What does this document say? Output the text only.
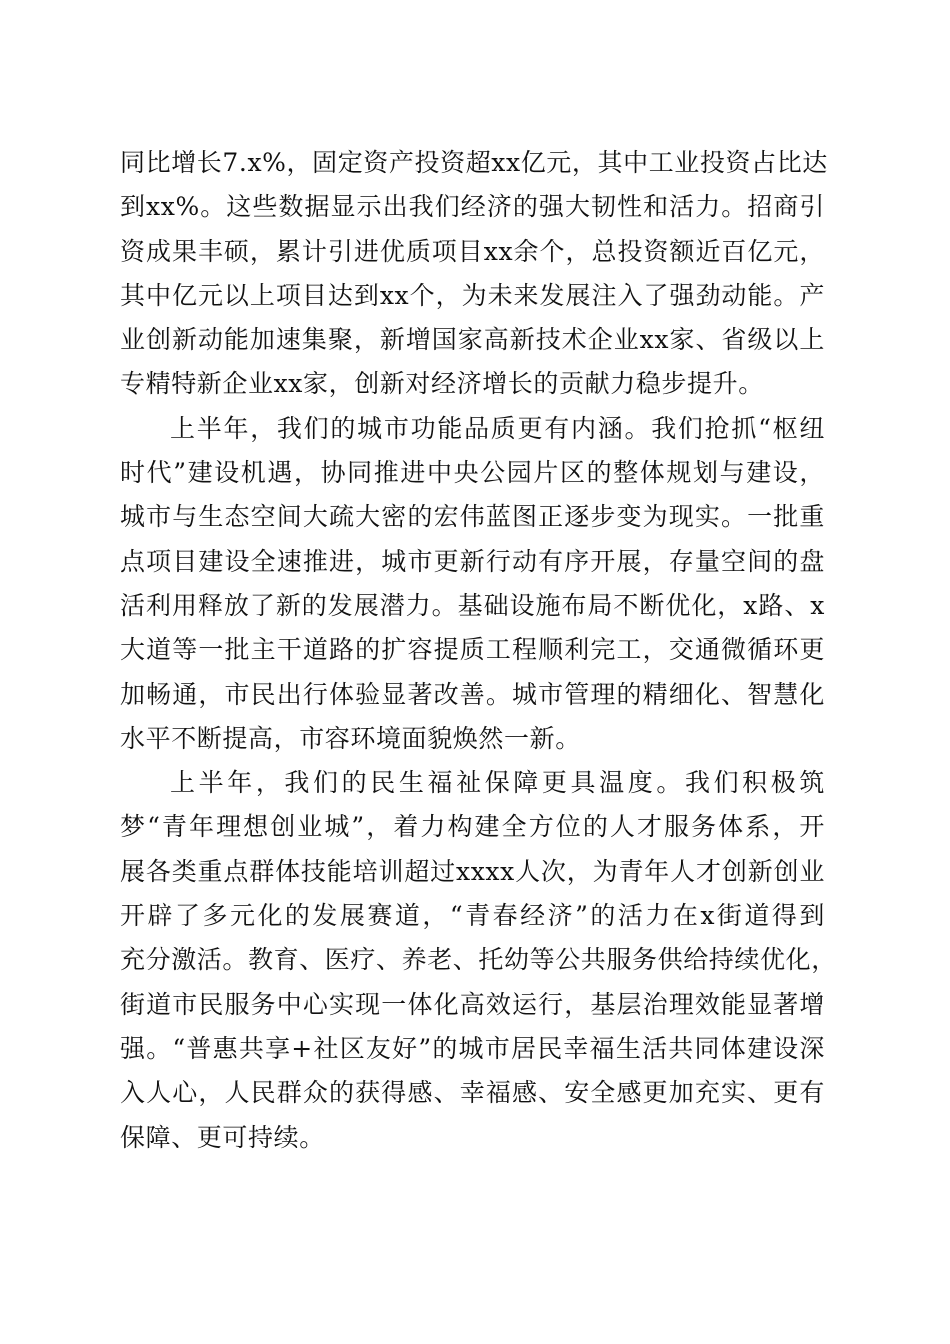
同比增长7.x%，固定资产投资超xx亿元，其中工业投资占比达
到xx%。这些数据显示出我们经济的强大韧性和活力。招商引
资成果丰硕，累计引进优质项目xx余个，总投资额近百亿元，
其中亿元以上项目达到xx个，为未来发展注入了强劲动能。产
业创新动能加速集聚，新增国家高新技术企业xx家、省级以上
专精特新企业xx家，创新对经济增长的贡献力稳步提升。
上半年，我们的城市功能品质更有内涵。我们抢抓“枢纽
时代”建设机遇，协同推进中央公园片区的整体规划与建设，
城市与生态空间大疏大密的宏伟蓝图正逐步变为现实。一批重
点项目建设全速推进，城市更新行动有序开展，存量空间的盘
活利用释放了新的发展潜力。基础设施布局不断优化，x路、x
大道等一批主干道路的扩容提质工程顺利完工，交通微循环更
加畅通，市民出行体验显著改善。城市管理的精细化、智慧化
水平不断提高，市容环境面貌焕然一新。
上半年，我们的民生福祉保障更具温度。我们积极筑
梦“青年理想创业城”，着力构建全方位的人才服务体系，开
展各类重点群体技能培训超过xxxx人次，为青年人才创新创业
开辟了多元化的发展赛道，“青春经济”的活力在x街道得到
充分激活。教育、医疗、养老、托幼等公共服务供给持续优化，
街道市民服务中心实现一体化高效运行，基层治理效能显著增
强。“普惠共享+社区友好”的城市居民幸福生活共同体建设深
入人心，人民群众的获得感、幸福感、安全感更加充实、更有
保障、更可持续。
